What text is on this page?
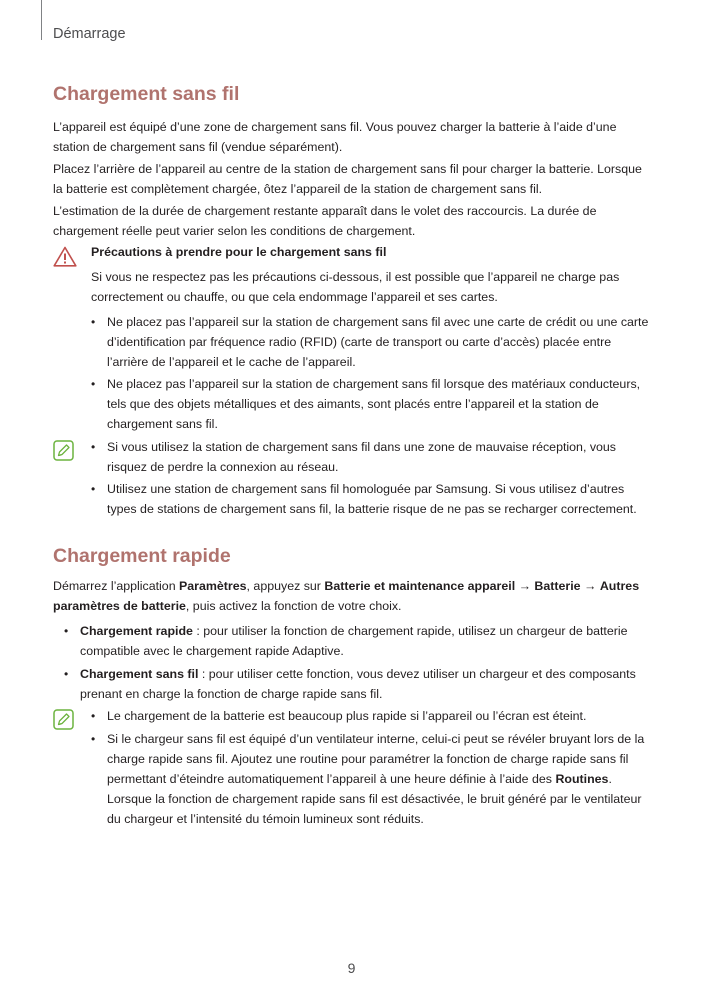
Démarrage
Chargement sans fil

L’appareil est équipé d’une zone de chargement sans fil. Vous pouvez charger la batterie à l’aide d’une station de chargement sans fil (vendue séparément).

Placez l’arrière de l’appareil au centre de la station de chargement sans fil pour charger la batterie. Lorsque la batterie est complètement chargée, ôtez l’appareil de la station de chargement sans fil.

L’estimation de la durée de chargement restante apparaît dans le volet des raccourcis. La durée de chargement réelle peut varier selon les conditions de chargement.

Précautions à prendre pour le chargement sans fil

Si vous ne respectez pas les précautions ci-dessous, il est possible que l’appareil ne charge pas correctement ou chauffe, ou que cela endommage l’appareil et ses cartes.

• Ne placez pas l’appareil sur la station de chargement sans fil avec une carte de crédit ou une carte d’identification par fréquence radio (RFID) (carte de transport ou carte d’accès) placée entre l’arrière de l’appareil et le cache de l’appareil.
• Ne placez pas l’appareil sur la station de chargement sans fil lorsque des matériaux conducteurs, tels que des objets métalliques et des aimants, sont placés entre l’appareil et la station de chargement sans fil.
• Si vous utilisez la station de chargement sans fil dans une zone de mauvaise réception, vous risquez de perdre la connexion au réseau.
• Utilisez une station de chargement sans fil homologuée par Samsung. Si vous utilisez d’autres types de stations de chargement sans fil, la batterie risque de ne pas se recharger correctement.
Chargement rapide

Démarrez l’application Paramètres, appuyez sur Batterie et maintenance appareil → Batterie → Autres paramètres de batterie, puis activez la fonction de votre choix.

• Chargement rapide : pour utiliser la fonction de chargement rapide, utilisez un chargeur de batterie compatible avec le chargement rapide Adaptive.
• Chargement sans fil : pour utiliser cette fonction, vous devez utiliser un chargeur et des composants prenant en charge la fonction de charge rapide sans fil.
• Le chargement de la batterie est beaucoup plus rapide si l’appareil ou l’écran est éteint.
• Si le chargeur sans fil est équipé d’un ventilateur interne, celui-ci peut se révéler bruyant lors de la charge rapide sans fil. Ajoutez une routine pour paramétrer la fonction de charge rapide sans fil permettant d’éteindre automatiquement l’appareil à une heure définie à l’aide des Routines. Lorsque la fonction de chargement rapide sans fil est désactivée, le bruit généré par le ventilateur du chargeur et l’intensité du témoin lumineux sont réduits.
9
